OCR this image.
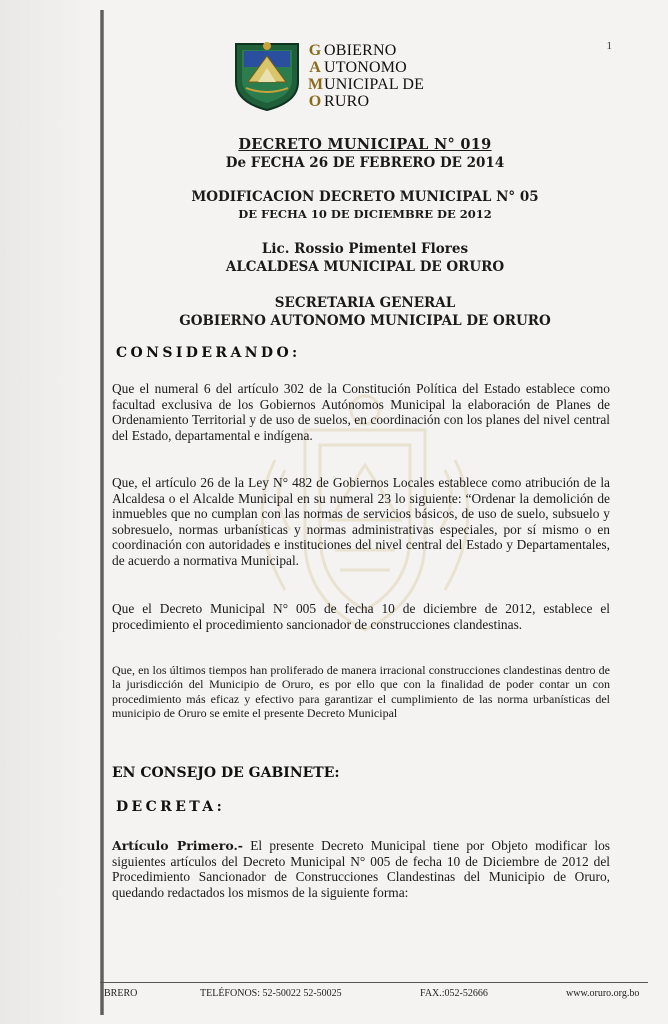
1
G
A
M
O
OBIERNO
UTONOMO
UNICIPAL DE
RURO

DECRETO MUNICIPAL N° 019

De FECHA 26 DE FEBRERO DE 2014

MODIFICACION DECRETO MUNICIPAL N° 05

DE FECHA 10 DE DICIEMBRE DE 2012

Lic. Rossio Pimentel Flores

ALCALDESA MUNICIPAL DE ORURO

SECRETARIA GENERAL

GOBIERNO AUTONOMO MUNICIPAL DE ORURO

CONSIDERANDO:

Que el numeral 6 del artículo 302 de la Constitución Política del Estado establece como facultad exclusiva de los Gobiernos Autónomos Municipal la elaboración de Planes de Ordenamiento Territorial y de uso de suelos, en coordinación con los planes del nivel central del Estado, departamental e indígena.

Que, el artículo 26 de la Ley N° 482 de Gobiernos Locales establece como atribución de la Alcaldesa o el Alcalde Municipal en su numeral 23 lo siguiente: “Ordenar la demolición de inmuebles que no cumplan con las normas de servicios básicos, de uso de suelo, subsuelo y sobresuelo, normas urbanísticas y normas administrativas especiales, por sí mismo o en coordinación con autoridades e instituciones del nivel central del Estado y Departamentales, de acuerdo a normativa Municipal.

Que el Decreto Municipal N° 005 de fecha 10 de diciembre de 2012, establece el procedimiento el procedimiento sancionador de construcciones clandestinas.

Que, en los últimos tiempos han proliferado de manera irracional construcciones clandestinas dentro de la jurisdicción del Municipio de Oruro, es por ello que con la finalidad de poder contar un con procedimiento más eficaz y efectivo para garantizar el cumplimiento de las norma urbanísticas del municipio de Oruro se emite el presente Decreto Municipal

EN CONSEJO DE GABINETE:
DECRETA:

Artículo Primero.- El presente Decreto Municipal tiene por Objeto modificar los siguientes artículos del Decreto Municipal N° 005 de fecha 10 de Diciembre de 2012 del Procedimiento Sancionador de Construcciones Clandestinas del Municipio de Oruro, quedando redactados los mismos de la siguiente forma:

BRERO	TELÉFONOS: 52-50022 52-50025	FAX.:052-52666	www.oruro.org.bo
